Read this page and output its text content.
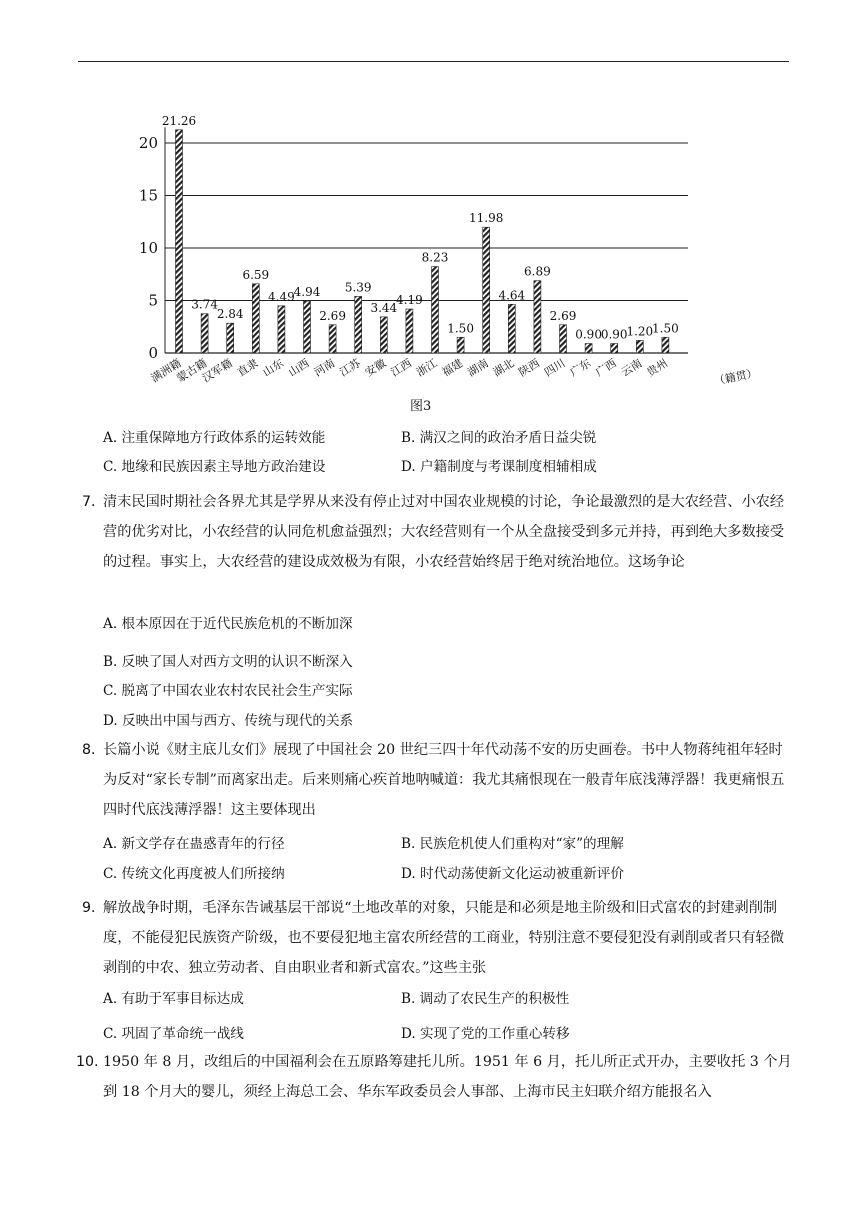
0
5
10
15
20
21.26
满洲籍
3.74
蒙古籍
2.84
汉军籍
6.59
直隶
4.49
山东
4.94
山西
2.69
河南
5.39
江苏
3.44
安徽
4.19
江西
8.23
浙江
1.50
福建
11.98
湖南
4.64
湖北
6.89
陕西
2.69
四川
0.90
广东
0.90
广西
1.20
云南
1.50
贵州	（籍贯）
图3
A. 注重保障地方行政体系的运转效能	B. 满汉之间的政治矛盾日益尖锐
C. 地缘和民族因素主导地方政治建设	D. 户籍制度与考课制度相辅相成
7．
清末民国时期社会各界尤其是学界从来没有停止过对中国农业规模的讨论，争论最激烈的是大农经营、小农经营的优劣对比，小农经营的认同危机愈益强烈；大农经营则有一个从全盘接受到多元并持，再到绝大多数接受的过程。事实上，大农经营的建设成效极为有限，小农经营始终居于绝对统治地位。这场争论
A. 根本原因在于近代民族危机的不断加深
B. 反映了国人对西方文明的认识不断深入
C. 脱离了中国农业农村农民社会生产实际
D. 反映出中国与西方、传统与现代的关系
8．
长篇小说《财主底儿女们》展现了中国社会 20 世纪三四十年代动荡不安的历史画卷。书中人物蒋纯祖年轻时为反对“家长专制”而离家出走。后来则痛心疾首地呐喊道：我尤其痛恨现在一般青年底浅薄浮器！我更痛恨五四时代底浅薄浮器！这主要体现出
A. 新文学存在蛊惑青年的行径	B. 民族危机使人们重构对“家”的理解
C. 传统文化再度被人们所接纳	D. 时代动荡使新文化运动被重新评价
9．
解放战争时期，毛泽东告诫基层干部说“土地改革的对象，只能是和必须是地主阶级和旧式富农的封建剥削制度，不能侵犯民族资产阶级，也不要侵犯地主富农所经营的工商业，特别注意不要侵犯没有剥削或者只有轻微剥削的中农、独立劳动者、自由职业者和新式富农。”这些主张
A. 有助于军事目标达成	B. 调动了农民生产的积极性
C. 巩固了革命统一战线	D. 实现了党的工作重心转移
10. 1950 年 8 月，改组后的中国福利会在五原路筹建托儿所。1951 年 6 月，托儿所正式开办，主要收托 3 个月到 18 个月大的婴儿，须经上海总工会、华东军政委员会人事部、上海市民主妇联介绍方能报名入
